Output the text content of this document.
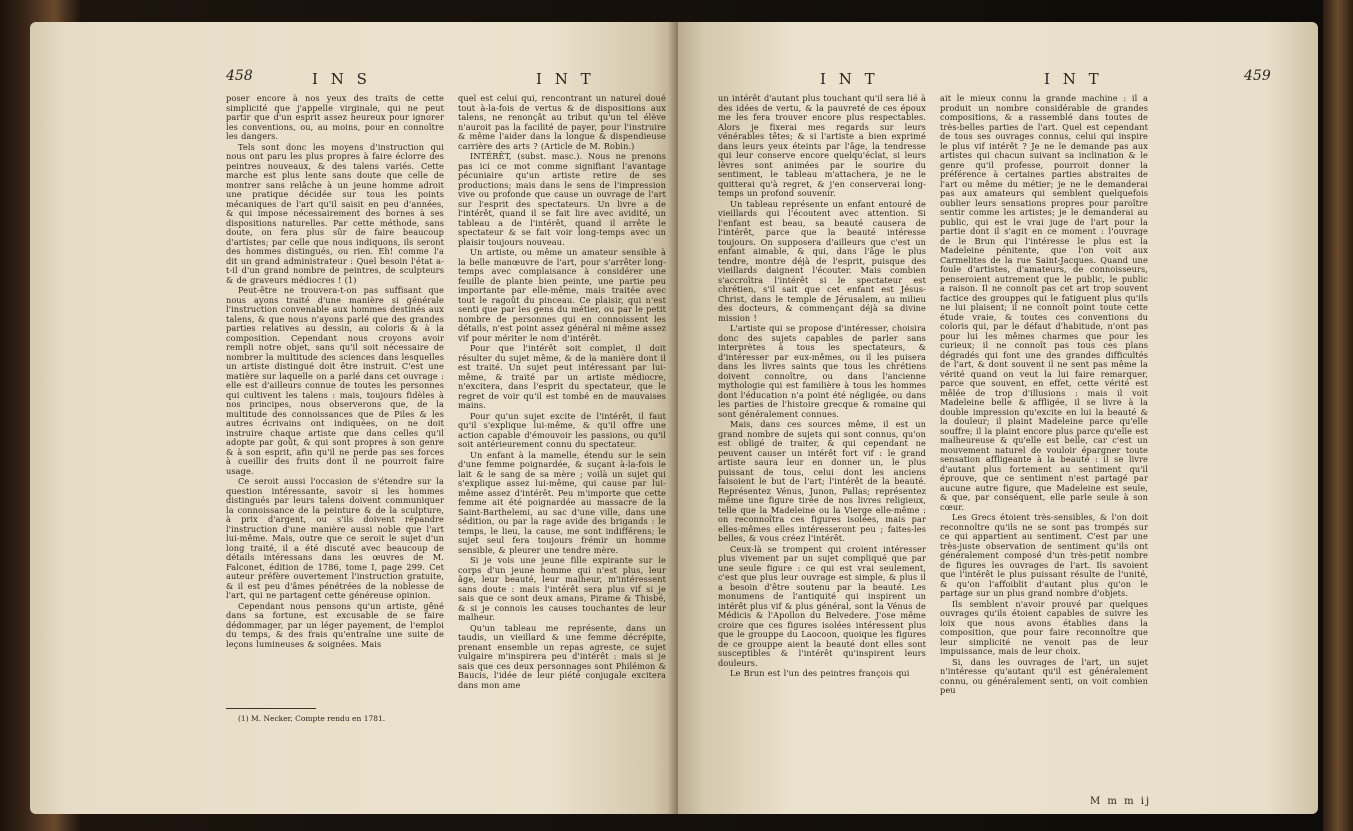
458	I N S	I N T

poser encore à nos yeux des traits de cette simplicité que j'appelle virginale, qui ne peut partir que d'un esprit assez heureux pour ignorer les conventions, ou, au moins, pour en connoître les dangers.

Tels sont donc les moyens d'instruction qui nous ont paru les plus propres à faire éclorre des peintres nouveaux, & des talens variés. Cette marche est plus lente sans doute que celle de montrer sans relâche à un jeune homme adroit une pratique décidée sur tous les points mécaniques de l'art qu'il saisit en peu d'années, & qui impose nécessairement des bornes à ses dispositions naturelles. Par cette méthode, sans doute, on fera plus sûr de faire beaucoup d'artistes; par celle que nous indiquons, ils seront des hommes distingués, ou rien. Eh! comme l'a dit un grand administrateur : Quel besoin l'état a-t-il d'un grand nombre de peintres, de sculpteurs & de graveurs médiocres ! (1)

Peut-être ne trouvera-t-on pas suffisant que nous ayons traité d'une manière si générale l'instruction convenable aux hommes destinés aux talens, & que nous n'ayons parlé que des grandes parties relatives au dessin, au coloris & à la composition. Cependant nous croyons avoir rempli notre objet, sans qu'il soit nécessaire de nombrer la multitude des sciences dans lesquelles un artiste distingué doit être instruit. C'est une matière sur laquelle on a parlé dans cet ouvrage : elle est d'ailleurs connue de toutes les personnes qui cultivent les talens : mais, toujours fidèles à nos principes, nous observerons que, de la multitude des connoissances que de Piles & les autres écrivains ont indiquées, on ne doit instruire chaque artiste que dans celles qu'il adopte par goût, & qui sont propres à son genre & à son esprit, afin qu'il ne perde pas ses forces à cueillir des fruits dont il ne pourroit faire usage.

Ce seroit aussi l'occasion de s'étendre sur la question intéressante, savoir si les hommes distingués par leurs talens doivent communiquer la connoissance de la peinture & de la sculpture, à prix d'argent, ou s'ils doivent répandre l'instruction d'une manière aussi noble que l'art lui-même. Mais, outre que ce seroit le sujet d'un long traité, il a été discuté avec beaucoup de détails intéressans dans les œuvres de M. Falconet, édition de 1786, tome I, page 299. Cet auteur préfère ouvertement l'instruction gratuite, & il est peu d'âmes pénétrées de la noblesse de l'art, qui ne partagent cette généreuse opinion.

Cependant nous pensons qu'un artiste, gêné dans sa fortune, est excusable de se faire dédommager, par un léger payement, de l'emploi du temps, & des frais qu'entraîne une suite de leçons lumineuses & soignées. Mais

(1) M. Necker, Compte rendu en 1781.

quel est celui qui, rencontrant un naturel doué tout à-la-fois de vertus & de dispositions aux talens, ne renonçât au tribut qu'un tel élève n'auroit pas la facilité de payer, pour l'instruire & même l'aider dans la longue & dispendieuse carrière des arts ? (Article de M. Robin.)

INTÉRÊT, (subst. masc.). Nous ne prenons pas ici ce mot comme signifiant l'avantage pécuniaire qu'un artiste retire de ses productions; mais dans le sens de l'impression vive ou profonde que cause un ouvrage de l'art sur l'esprit des spectateurs. Un livre a de l'intérêt, quand il se fait lire avec avidité, un tableau a de l'intérêt, quand il arrête le spectateur & se fait voir long-temps avec un plaisir toujours nouveau.

Un artiste, ou même un amateur sensible à la belle manœuvre de l'art, pour s'arrêter long-temps avec complaisance à considérer une feuille de plante bien peinte, une partie peu importante par elle-même, mais traitée avec tout le ragoût du pinceau. Ce plaisir, qui n'est senti que par les gens du métier, ou par le petit nombre de personnes qui en connoissent les détails, n'est point assez général ni même assez vif pour mériter le nom d'intérêt.

Pour que l'intérêt soit complet, il doit résulter du sujet même, & de la manière dont il est traité. Un sujet peut intéressant par lui-même, & traité par un artiste médiocre, n'excitera, dans l'esprit du spectateur, que le regret de voir qu'il est tombé en de mauvaises mains.

Pour qu'un sujet excite de l'intérêt, il faut qu'il s'explique lui-même, & qu'il offre une action capable d'émouvoir les passions, ou qu'il soit antérieurement connu du spectateur.

Un enfant à la mamelle, étendu sur le sein d'une femme poignardée, & suçant à-la-fois le lait & le sang de sa mère ; voilà un sujet qui s'explique assez lui-même, qui cause par lui-même assez d'intérêt. Peu m'importe que cette femme ait été poignardée au massacre de la Saint-Barthelemi, au sac d'une ville, dans une sédition, ou par la rage avide des brigands : le temps, le lieu, la cause, me sont indifférens; le sujet seul fera toujours frémir un homme sensible, & pleurer une tendre mère.

Si je vois une jeune fille expirante sur le corps d'un jeune homme qui n'est plus, leur âge, leur beauté, leur malheur, m'intéressent sans doute : mais l'intérêt sera plus vif si je sais que ce sont deux amans, Pirame & Thisbé, & si je connois les causes touchantes de leur malheur.

Qu'un tableau me représente, dans un taudis, un vieillard & une femme décrépite, prenant ensemble un repas agreste, ce sujet vulgaire m'inspirera peu d'intérêt : mais si je sais que ces deux personnages sont Philémon & Baucis, l'idée de leur piété conjugale excitera dans mon ame

I N T	I N T	459

un intérêt d'autant plus touchant qu'il sera lié à des idées de vertu, & la pauvreté de ces époux me les fera trouver encore plus respectables. Alors je fixerai mes regards sur leurs vénérables têtes; & si l'artiste a bien exprimé dans leurs yeux éteints par l'âge, la tendresse qui leur conserve encore quelqu'éclat, si leurs lèvres sont animées par le sourire du sentiment, le tableau m'attachera, je ne le quitterai qu'à regret, & j'en conserverai long-temps un profond souvenir.

Un tableau représente un enfant entouré de vieillards qui l'écoutent avec attention. Si l'enfant est beau, sa beauté causera de l'intérêt, parce que la beauté intéresse toujours. On supposera d'ailleurs que c'est un enfant aimable, & qui, dans l'âge le plus tendre, montre déjà de l'esprit, puisque des vieillards daignent l'écouter. Mais combien s'accroîtra l'intérêt si le spectateur est chrétien, s'il sait que cet enfant est Jésus-Christ, dans le temple de Jérusalem, au milieu des docteurs, & commençant déjà sa divine mission !

L'artiste qui se propose d'intéresser, choisira donc des sujets capables de parler sans interprètes à tous les spectateurs, & d'intéresser par eux-mêmes, ou il les puisera dans les livres saints que tous les chrétiens doivent connoître, ou dans l'ancienne mythologie qui est familière à tous les hommes dont l'éducation n'a point été négligée, ou dans les parties de l'histoire grecque & romaine qui sont généralement connues.

Mais, dans ces sources même, il est un grand nombre de sujets qui sont connus, qu'on est obligé de traiter, & qui cependant ne peuvent causer un intérêt fort vif : le grand artiste saura leur en donner un, le plus puissant de tous, celui dont les anciens faisoient le but de l'art; l'intérêt de la beauté. Représentez Vénus, Junon, Pallas; représentez même une figure tirée de nos livres religieux, telle que la Madeleine ou la Vierge elle-même : on reconnoîtra ces figures isolées, mais par elles-mêmes elles intéresseront peu ; faites-les belles, & vous créez l'intérêt.

Ceux-là se trompent qui croient intéresser plus vivement par un sujet compliqué que par une seule figure : ce qui est vrai seulement, c'est que plus leur ouvrage est simple, & plus il a besoin d'être soutenu par la beauté. Les monumens de l'antiquité qui inspirent un intérêt plus vif & plus général, sont la Vénus de Médicis & l'Apollon du Belvedere. J'ose même croire que ces figures isolées intéressent plus que le grouppe du Laocoon, quoique les figures de ce grouppe aient la beauté dont elles sont susceptibles & l'intérêt qu'inspirent leurs douleurs.

Le Brun est l'un des peintres françois qui

ait le mieux connu la grande machine : il a produit un nombre considérable de grandes compositions, & a rassemblé dans toutes de très-belles parties de l'art. Quel est cependant de tous ses ouvrages connus, celui qui inspire le plus vif intérêt ? Je ne le demande pas aux artistes qui chacun suivant sa inclination & le genre qu'il professe, pourroit donner la préférence à certaines parties abstraites de l'art ou même du métier; je ne le demanderai pas aux amateurs qui semblent quelquefois oublier leurs sensations propres pour paroître sentir comme les artistes; je le demanderai au public, qui est le vrai juge de l'art pour la partie dont il s'agit en ce moment : l'ouvrage de le Brun qui l'intéresse le plus est la Madeleine pénitente, que l'on voit aux Carmelites de la rue Saint-Jacques. Quand une foule d'artistes, d'amateurs, de connoisseurs, penseroient autrement que le public, le public a raison. Il ne connoît pas cet art trop souvent factice des grouppes qui le fatiguent plus qu'ils ne lui plaisent; il ne connoît point toute cette étude vraie, & toutes ces conventions du coloris qui, par le défaut d'habitude, n'ont pas pour lui les mêmes charmes que pour les curieux; il ne connoît pas tous ces plans dégradés qui font une des grandes difficultés de l'art, & dont souvent il ne sent pas même la vérité quand on veut la lui faire remarquer, parce que souvent, en effet, cette vérité est mêlée de trop d'illusions : mais il voit Madeleine belle & affligée, il se livre à la double impression qu'excite en lui la beauté & la douleur; il plaint Madeleine parce qu'elle souffre; il la plaint encore plus parce qu'elle est malheureuse & qu'elle est belle, car c'est un mouvement naturel de vouloir épargner toute sensation affligeante à la beauté : il se livre d'autant plus fortement au sentiment qu'il éprouve, que ce sentiment n'est partagé par aucune autre figure, que Madeleine est seule, & que, par conséquent, elle parle seule à son cœur.

Les Grecs étoient très-sensibles, & l'on doit reconnoître qu'ils ne se sont pas trompés sur ce qui appartient au sentiment. C'est par une très-juste observation de sentiment qu'ils ont généralement composé d'un très-petit nombre de figures les ouvrages de l'art. Ils savoient que l'intérêt le plus puissant résulte de l'unité, & qu'on l'affoiblit d'autant plus qu'on le partage sur un plus grand nombre d'objets.

Ils semblent n'avoir prouvé par quelques ouvrages qu'ils étoient capables de suivre les loix que nous avons établies dans la composition, que pour faire reconnoître que leur simplicité ne venoit pas de leur impuissance, mais de leur choix.

Si, dans les ouvrages de l'art, un sujet n'intéresse qu'autant qu'il est généralement connu, ou généralement senti, on voit combien peu

M m m ij
